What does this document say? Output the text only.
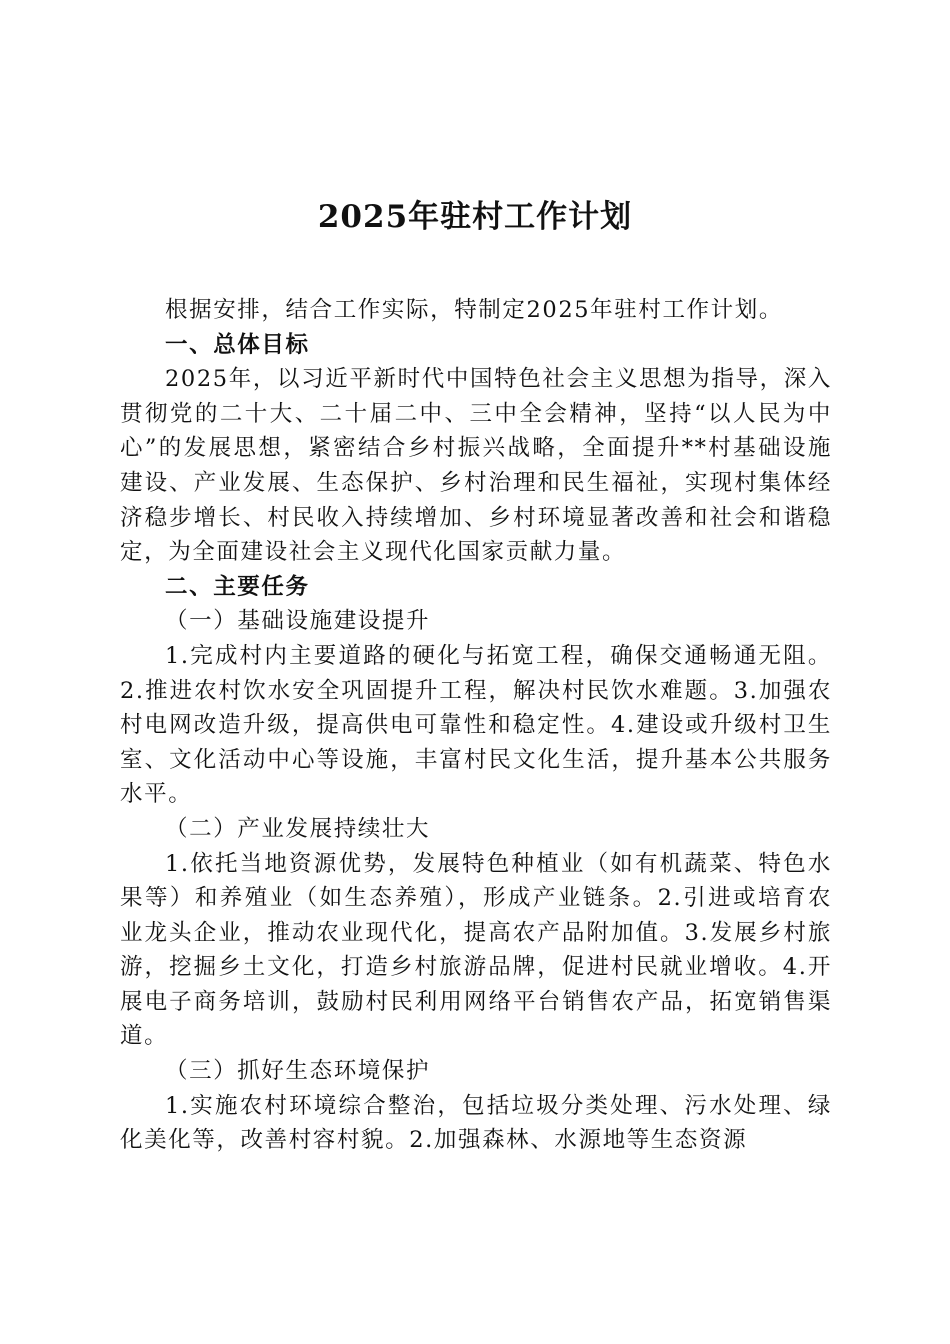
2025年驻村工作计划

根据安排，结合工作实际，特制定2025年驻村工作计划。

一、总体目标

2025年，以习近平新时代中国特色社会主义思想为指导，深入贯彻党的二十大、二十届二中、三中全会精神，坚持“以人民为中心”的发展思想，紧密结合乡村振兴战略，全面提升**村基础设施建设、产业发展、生态保护、乡村治理和民生福祉，实现村集体经济稳步增长、村民收入持续增加、乡村环境显著改善和社会和谐稳定，为全面建设社会主义现代化国家贡献力量。

二、主要任务

（一）基础设施建设提升

1.完成村内主要道路的硬化与拓宽工程，确保交通畅通无阻。2.推进农村饮水安全巩固提升工程，解决村民饮水难题。3.加强农村电网改造升级，提高供电可靠性和稳定性。4.建设或升级村卫生室、文化活动中心等设施，丰富村民文化生活，提升基本公共服务水平。

（二）产业发展持续壮大

1.依托当地资源优势，发展特色种植业（如有机蔬菜、特色水果等）和养殖业（如生态养殖），形成产业链条。2.引进或培育农业龙头企业，推动农业现代化，提高农产品附加值。3.发展乡村旅游，挖掘乡土文化，打造乡村旅游品牌，促进村民就业增收。4.开展电子商务培训，鼓励村民利用网络平台销售农产品，拓宽销售渠道。

（三）抓好生态环境保护

1.实施农村环境综合整治，包括垃圾分类处理、污水处理、绿化美化等，改善村容村貌。2.加强森林、水源地等生态资源
